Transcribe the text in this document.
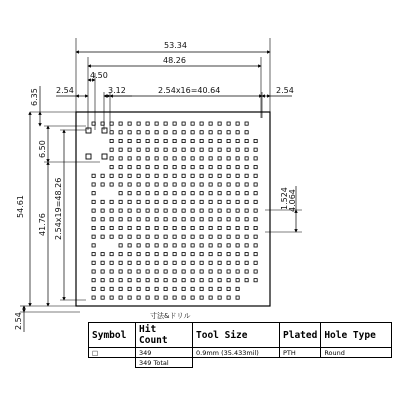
53.34
48.26
4.50
2.54	3.12	2.54x16=40.64	2.54
6.35
6.50
54.61
41.76 2.54x19=48.26
2.54
1.524 4.064
寸法&ドリル
Symbol	Hit Count	Tool Size	Plated	Hole Type
□	349	0.9mm (35.433mil)	PTH	Round
	349 Total			
